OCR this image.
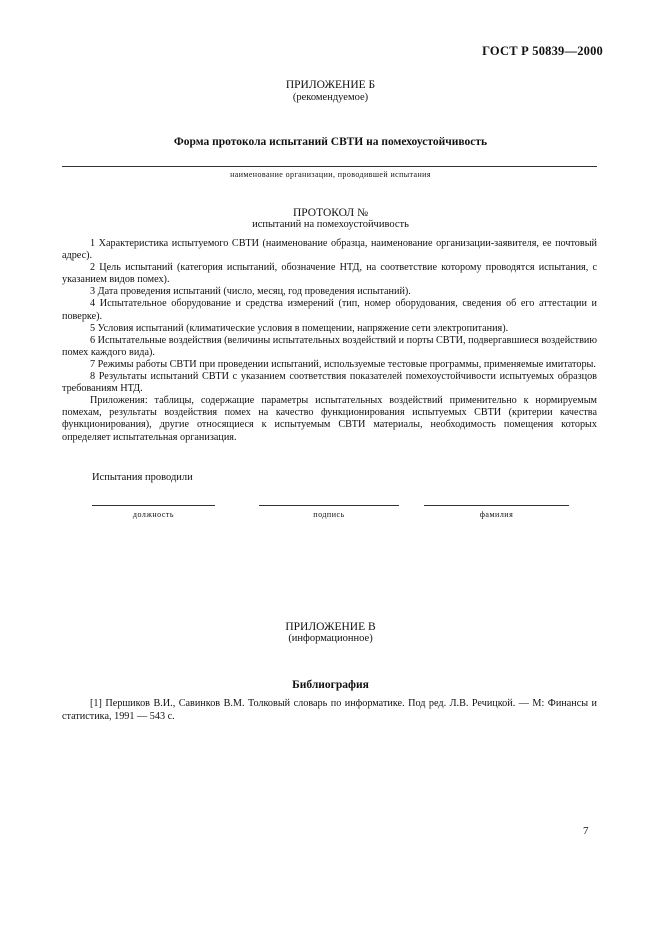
ГОСТ Р 50839—2000
ПРИЛОЖЕНИЕ Б
(рекомендуемое)
Форма протокола испытаний СВТИ на помехоустойчивость
наименование организации, проводившей испытания
ПРОТОКОЛ №
испытаний на помехоустойчивость

1 Характеристика испытуемого СВТИ (наименование образца, наименование организации-заявителя, ее почтовый адрес).

2 Цель испытаний (категория испытаний, обозначение НТД, на соответствие которому проводятся испытания, с указанием видов помех).

3 Дата проведения испытаний (число, месяц, год проведения испытаний).

4 Испытательное оборудование и средства измерений (тип, номер оборудования, сведения об его аттестации и поверке).

5 Условия испытаний (климатические условия в помещении, напряжение сети электропитания).

6 Испытательные воздействия (величины испытательных воздействий и порты СВТИ, подвергавшиеся воздействию помех каждого вида).

7 Режимы работы СВТИ при проведении испытаний, используемые тестовые программы, применяемые имитаторы.

8 Результаты испытаний СВТИ с указанием соответствия показателей помехоустойчивости испытуемых образцов требованиям НТД.

Приложения: таблицы, содержащие параметры испытательных воздействий применительно к нормируемым помехам, результаты воздействия помех на качество функционирования испытуемых СВТИ (критерии качества функционирования), другие относящиеся к испытуемым СВТИ материалы, необходимость помещения которых определяет испытательная организация.

Испытания проводили
должность	подпись	фамилия
ПРИЛОЖЕНИЕ В
(информационное)
Библиография

[1] Першиков В.И., Савинков В.М. Толковый словарь по информатике. Под ред. Л.В. Речицкой. — М: Финансы и статистика, 1991 — 543 с.

7
